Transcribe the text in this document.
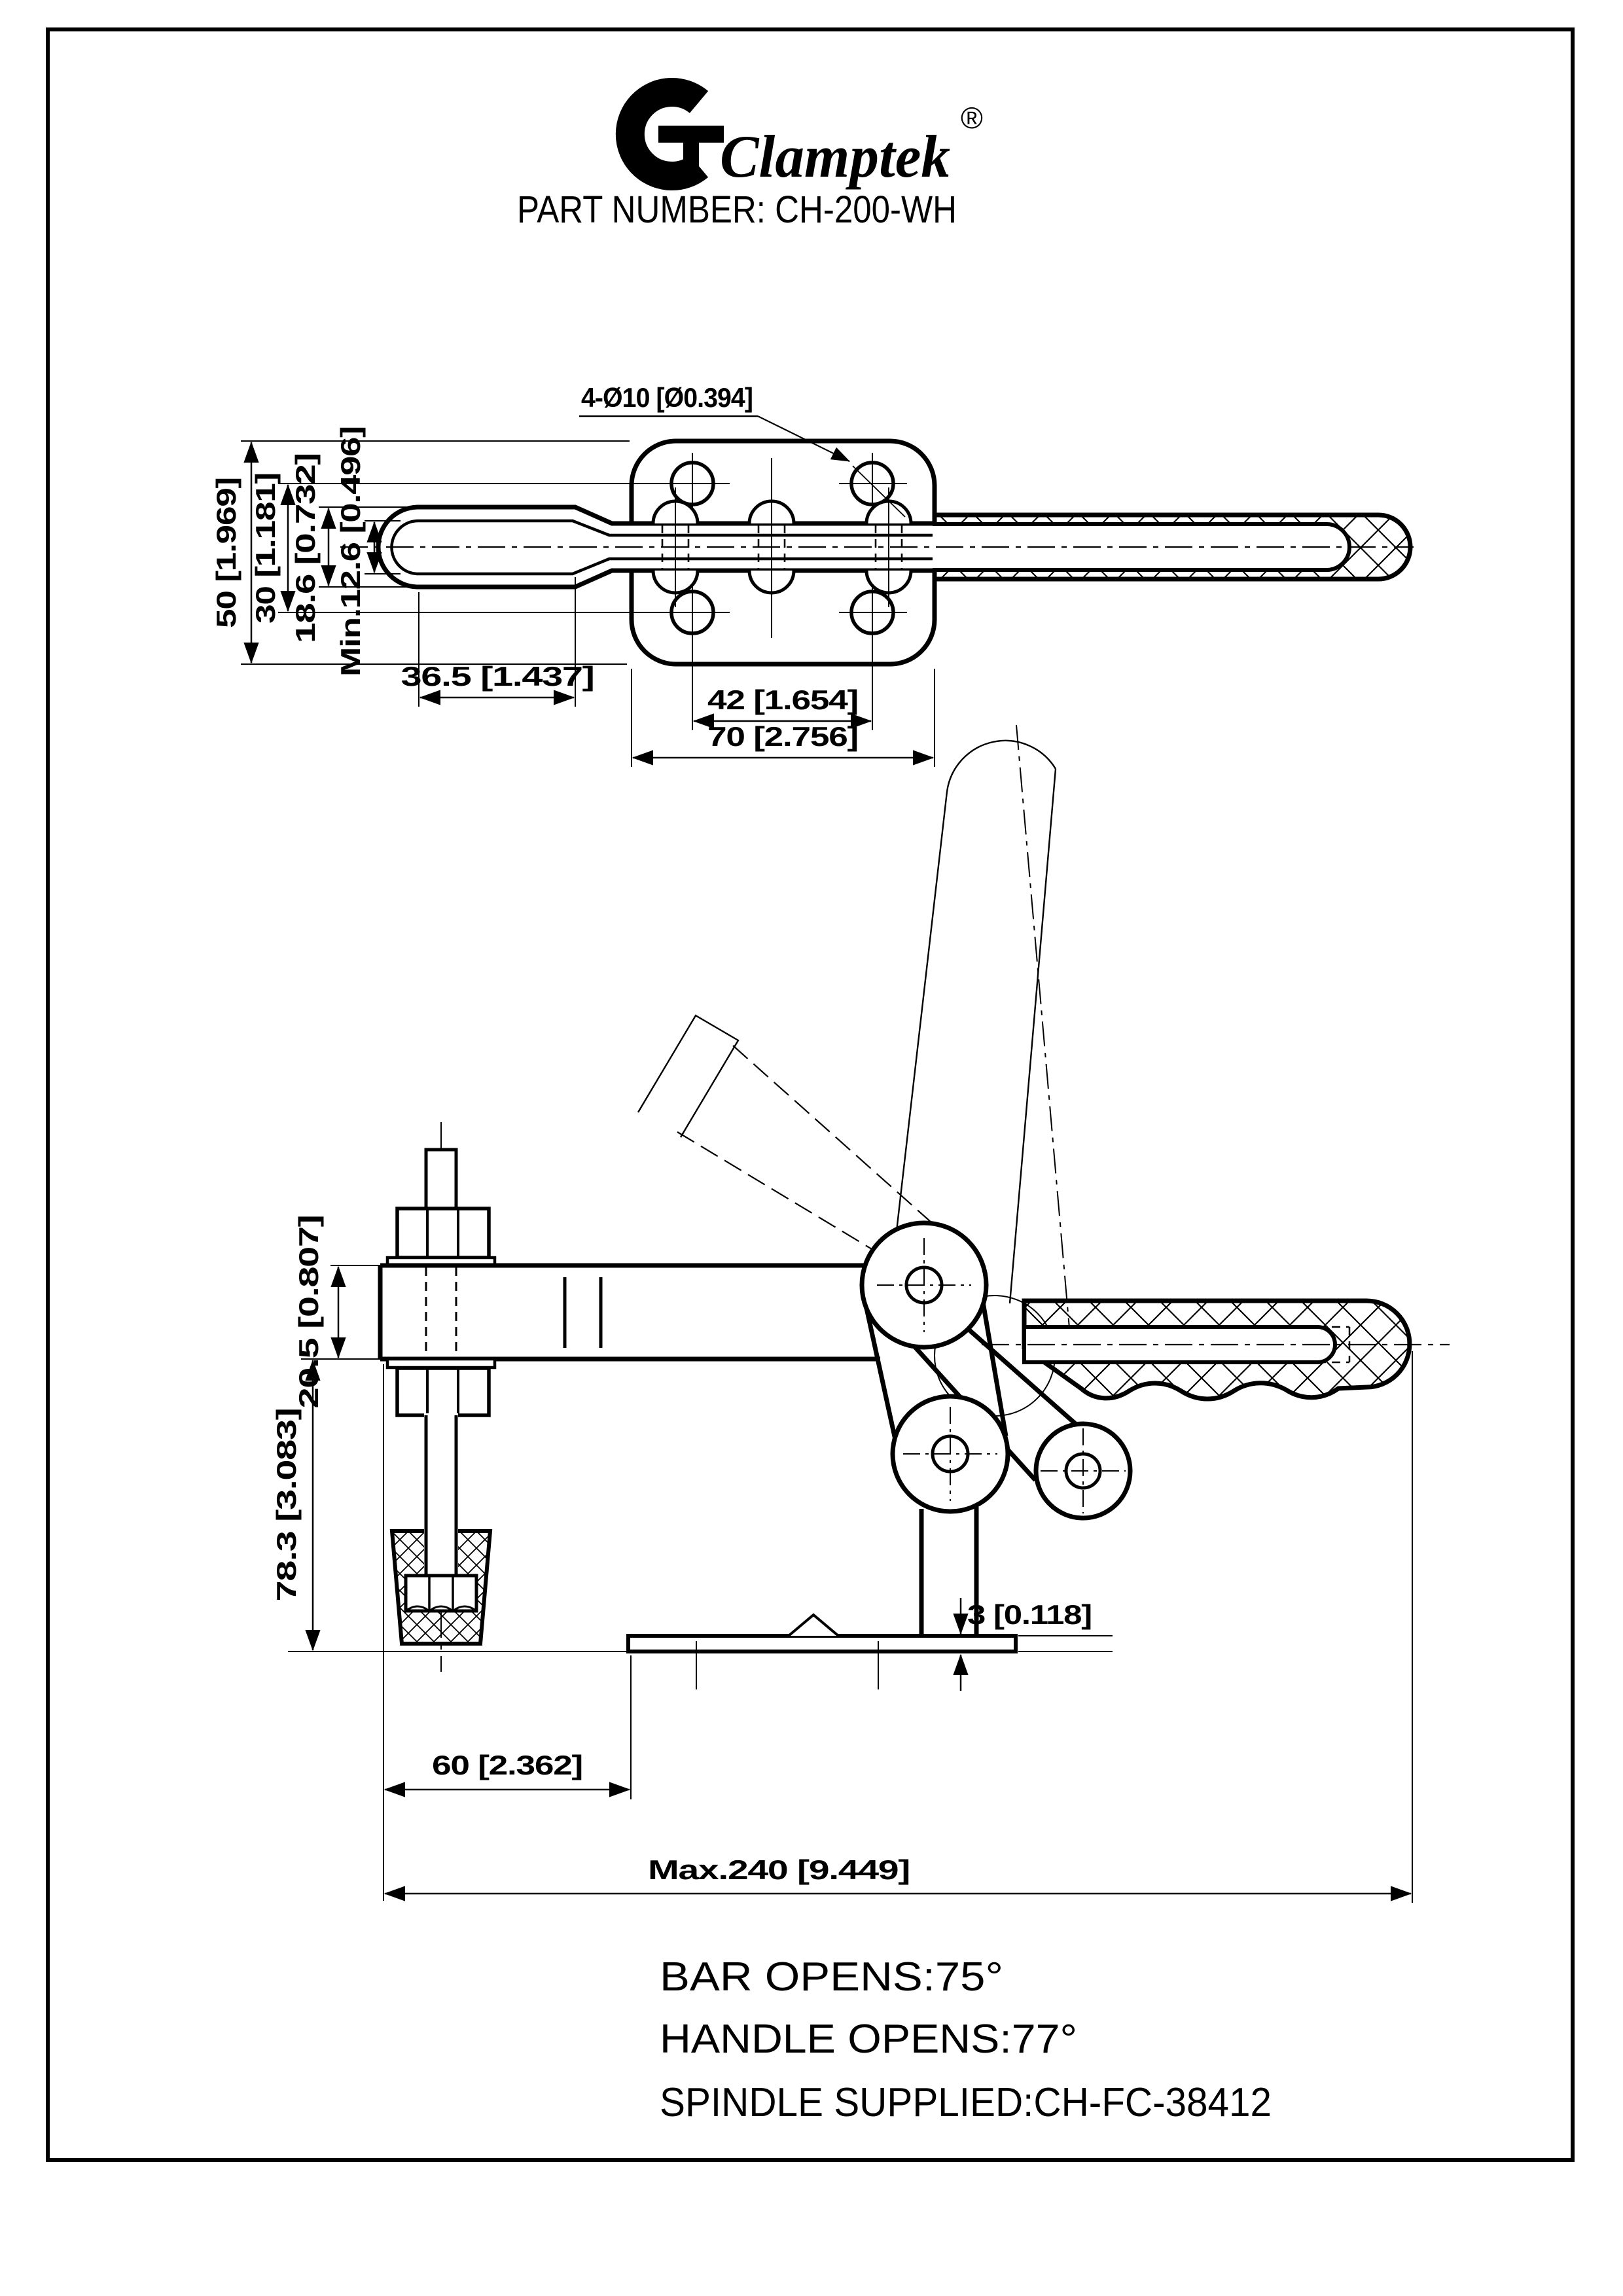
Clamptek
®
PART NUMBER: CH-200-WH
4-Ø10 [Ø0.394]
50 [1.969] 30 [1.181] 18.6 [0.732] Min.12.6 [0.496] 36.5 [1.437]
42 [1.654]
70 [2.756]
20.5 [0.807]
78.3 [3.083]
3 [0.118]
60 [2.362]
Max.240 [9.449]
BAR OPENS:75°
HANDLE OPENS:77°
SPINDLE SUPPLIED:CH-FC-38412
